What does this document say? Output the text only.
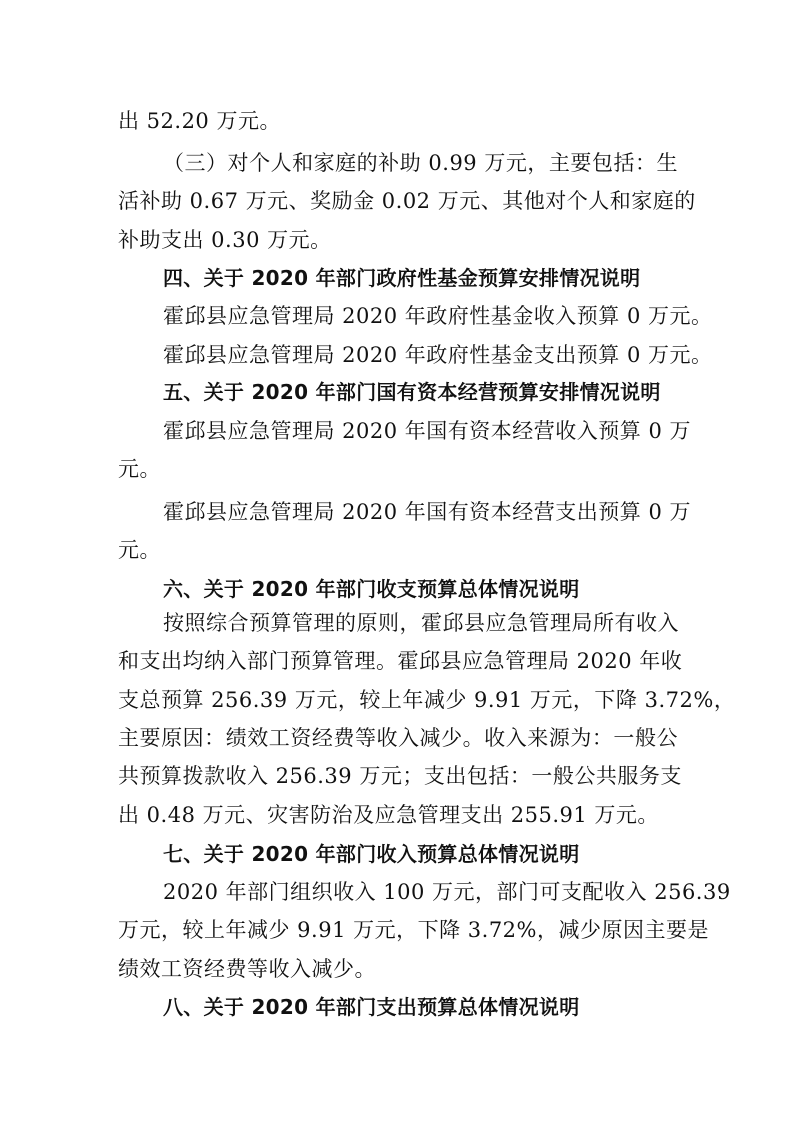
出 52.20 万元。
（三）对个人和家庭的补助 0.99 万元，主要包括：生
活补助 0.67 万元、奖励金 0.02 万元、其他对个人和家庭的
补助支出 0.30 万元。
四、关于 2020 年部门政府性基金预算安排情况说明
霍邱县应急管理局 2020 年政府性基金收入预算 0 万元。
霍邱县应急管理局 2020 年政府性基金支出预算 0 万元。
五、关于 2020 年部门国有资本经营预算安排情况说明
霍邱县应急管理局 2020 年国有资本经营收入预算 0 万
元。
霍邱县应急管理局 2020 年国有资本经营支出预算 0 万
元。
六、关于 2020 年部门收支预算总体情况说明
按照综合预算管理的原则，霍邱县应急管理局所有收入
和支出均纳入部门预算管理。霍邱县应急管理局 2020 年收
支总预算 256.39 万元，较上年减少 9.91 万元，下降 3.72%，
主要原因：绩效工资经费等收入减少。收入来源为：一般公
共预算拨款收入 256.39 万元；支出包括：一般公共服务支
出 0.48 万元、灾害防治及应急管理支出 255.91 万元。
七、关于 2020 年部门收入预算总体情况说明
2020 年部门组织收入 100 万元，部门可支配收入 256.39
万元，较上年减少 9.91 万元，下降 3.72%，减少原因主要是
绩效工资经费等收入减少。
八、关于 2020 年部门支出预算总体情况说明
